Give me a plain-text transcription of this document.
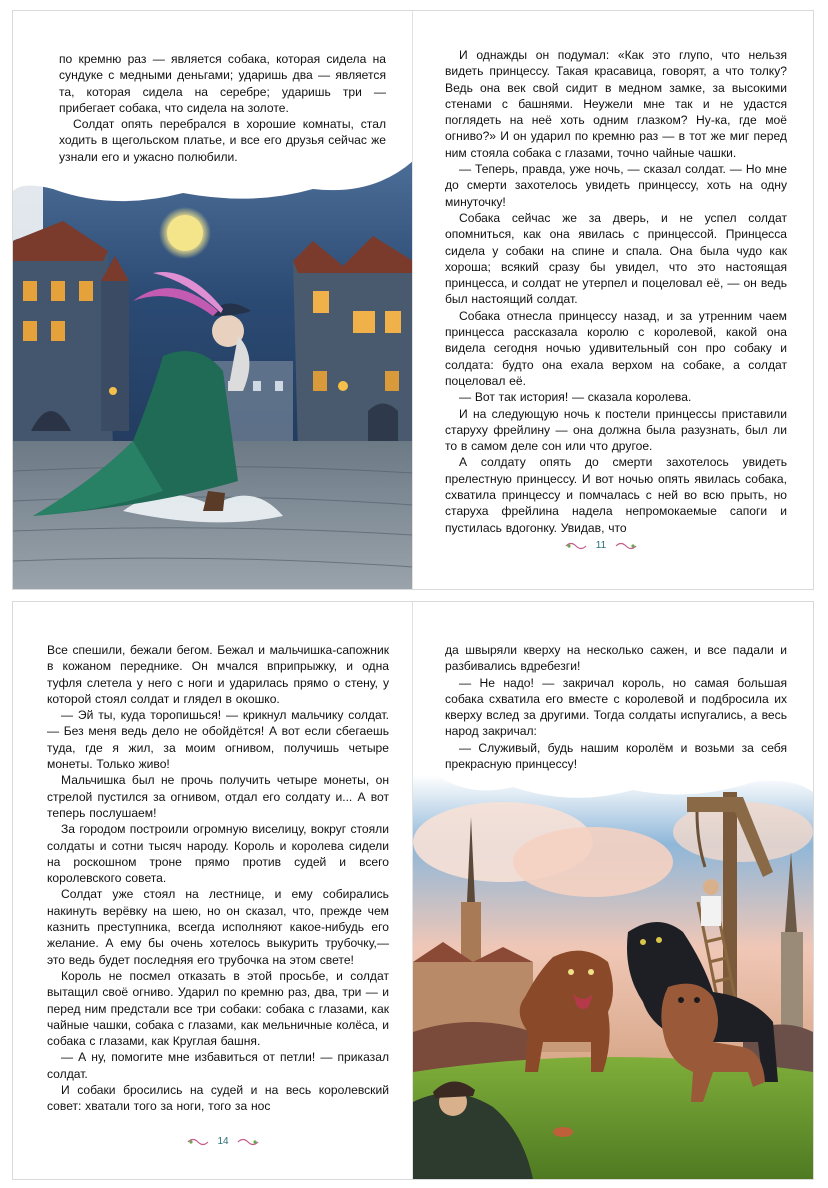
по кремню раз — является собака, которая сидела на сундуке с медными деньгами; ударишь два — является та, которая сидела на серебре; ударишь три — прибегает собака, что сидела на золоте.

Солдат опять перебрался в хорошие комнаты, стал ходить в щегольском платье, и все его друзья сейчас же узнали его и ужасно полюбили.

И однажды он подумал: «Как это глупо, что нельзя видеть принцессу. Такая красавица, говорят, а что толку? Ведь она век свой сидит в медном замке, за высокими стенами с башнями. Неужели мне так и не удастся поглядеть на неё хоть одним глазком? Ну-ка, где моё огниво?» И он ударил по кремню раз — в тот же миг перед ним стояла собака с глазами, точно чайные чашки.

— Теперь, правда, уже ночь, — сказал солдат. — Но мне до смерти захотелось увидеть принцессу, хоть на одну минуточку!

Собака сейчас же за дверь, и не успел солдат опомниться, как она явилась с принцессой. Принцесса сидела у собаки на спине и спала. Она была чудо как хороша; всякий сразу бы увидел, что это настоящая принцесса, и солдат не утерпел и поцеловал её, — он ведь был настоящий солдат.

Собака отнесла принцессу назад, и за утренним чаем принцесса рассказала королю с королевой, какой она видела сегодня ночью удивительный сон про собаку и солдата: будто она ехала верхом на собаке, а солдат поцеловал её.

— Вот так история! — сказала королева.

И на следующую ночь к постели принцессы приставили старуху фрейлину — она должна была разузнать, был ли то в самом деле сон или что другое.

А солдату опять до смерти захотелось увидеть прелестную принцессу. И вот ночью опять явилась собака, схватила принцессу и помчалась с ней во всю прыть, но старуха фрейлина надела непромокаемые сапоги и пустилась вдогонку. Увидав, что

11

Все спешили, бежали бегом. Бежал и мальчишка-сапожник в кожаном переднике. Он мчался вприпрыжку, и одна туфля слетела у него с ноги и ударилась прямо о стену, у которой стоял солдат и глядел в окошко.

— Эй ты, куда торопишься! — крикнул мальчику солдат. — Без меня ведь дело не обойдётся! А вот если сбегаешь туда, где я жил, за моим огнивом, получишь четыре монеты. Только живо!

Мальчишка был не прочь получить четыре монеты, он стрелой пустился за огнивом, отдал его солдату и... А вот теперь послушаем!

За городом построили огромную виселицу, вокруг стояли солдаты и сотни тысяч народу. Король и королева сидели на роскошном троне прямо против судей и всего королевского совета.

Солдат уже стоял на лестнице, и ему собирались накинуть верёвку на шею, но он сказал, что, прежде чем казнить преступника, всегда исполняют какое-нибудь его желание. А ему бы очень хотелось выкурить трубочку,— это ведь будет последняя его трубочка на этом свете!

Король не посмел отказать в этой просьбе, и солдат вытащил своё огниво. Ударил по кремню раз, два, три — и перед ним предстали все три собаки: собака с глазами, как чайные чашки, собака с глазами, как мельничные колёса, и собака с глазами, как Круглая башня.

— А ну, помогите мне избавиться от петли! — приказал солдат.

И собаки бросились на судей и на весь королевский совет: хватали того за ноги, того за нос

14

да швыряли кверху на несколько сажен, и все падали и разбивались вдребезги!

— Не надо! — закричал король, но самая большая собака схватила его вместе с королевой и подбросила их кверху вслед за другими. Тогда солдаты испугались, а весь народ закричал:

— Служивый, будь нашим королём и возьми за себя прекрасную принцессу!
